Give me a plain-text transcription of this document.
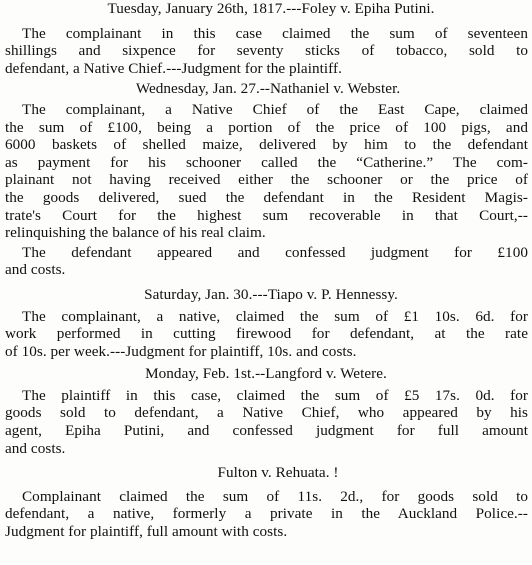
Tuesday, January 26th, 1817.---Foley v. Epiha Putini.
The complainant in this case claimed the sum of seventeen
shillings and sixpence for seventy sticks of tobacco, sold to
defendant, a Native Chief.---Judgment for the plaintiff.
Wednesday, Jan. 27.--Nathaniel v. Webster.
The complainant, a Native Chief of the East Cape, claimed
the sum of £100, being a portion of the price of 100 pigs, and
6000 baskets of shelled maize, delivered by him to the defendant
as payment for his schooner called the “Catherine.” The com-
plainant not having received either the schooner or the price of
the goods delivered, sued the defendant in the Resident Magis-
trate's Court for the highest sum recoverable in that Court,--
relinquishing the balance of his real claim.
The defendant appeared and confessed judgment for £100
and costs.
Saturday, Jan. 30.---Tiapo v. P. Hennessy.
The complainant, a native, claimed the sum of £1 10s. 6d. for
work performed in cutting firewood for defendant, at the rate
of 10s. per week.---Judgment for plaintiff, 10s. and costs.
Monday, Feb. 1st.--Langford v. Wetere.
The plaintiff in this case, claimed the sum of £5 17s. 0d. for
goods sold to defendant, a Native Chief, who appeared by his
agent, Epiha Putini, and confessed judgment for full amount
and costs.
Fulton v. Rehuata. !
Complainant claimed the sum of 11s. 2d., for goods sold to
defendant, a native, formerly a private in the Auckland Police.--
Judgment for plaintiff, full amount with costs.
